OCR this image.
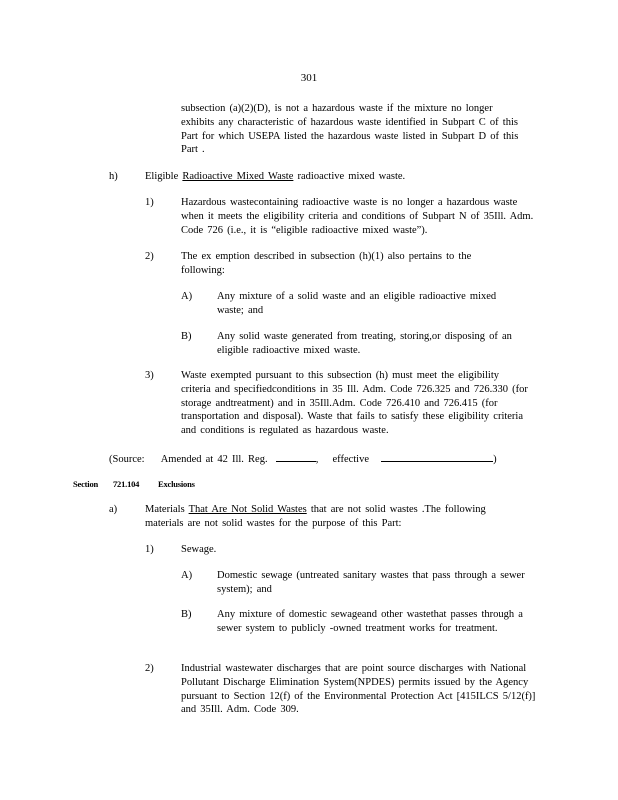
301
subsection (a)(2)(D), is not a hazardous waste if the mixture no longer exhibits any characteristic of hazardous waste identified in Subpart C of this Part for which USEPA listed the hazardous waste listed in Subpart D of this Part .
h)	Eligible Radioactive Mixed Waste radioactive mixed waste.
1)	Hazardous wastecontaining radioactive waste is no longer a hazardous waste when it meets the eligibility criteria and conditions of Subpart N of 35Ill. Adm. Code 726 (i.e., it is “eligible radioactive mixed waste”).
2)	The ex emption described in subsection (h)(1) also pertains to the following:
A) Any mixture of a solid waste and an eligible radioactive mixed waste; and
B) Any solid waste generated from treating, storing,or disposing of an eligible radioactive mixed waste.
3)	Waste exempted pursuant to this subsection (h) must meet the eligibility criteria and specifiedconditions in 35 Ill. Adm. Code 726.325 and 726.330 (for storage andtreatment) and in 35Ill.Adm. Code 726.410 and 726.415 (for transportation and disposal). Waste that fails to satisfy these eligibility criteria and conditions is regulated as hazardous waste.
(Source: Amended at 42 Ill. Reg.	, effective	)
Section 721.104 Exclusions
a)	Materials That Are Not Solid Wastes that are not solid wastes .The following materials are not solid wastes for the purpose of this Part:
1)	Sewage.
A) Domestic sewage (untreated sanitary wastes that pass through a sewer system); and
B) Any mixture of domestic sewageand other wastethat passes through a sewer system to publicly -owned treatment works for treatment.
2)	Industrial wastewater discharges that are point source discharges with National Pollutant Discharge Elimination System(NPDES) permits issued by the Agency pursuant to Section 12(f) of the Environmental Protection Act [415ILCS 5/12(f)] and 35Ill. Adm. Code 309.
